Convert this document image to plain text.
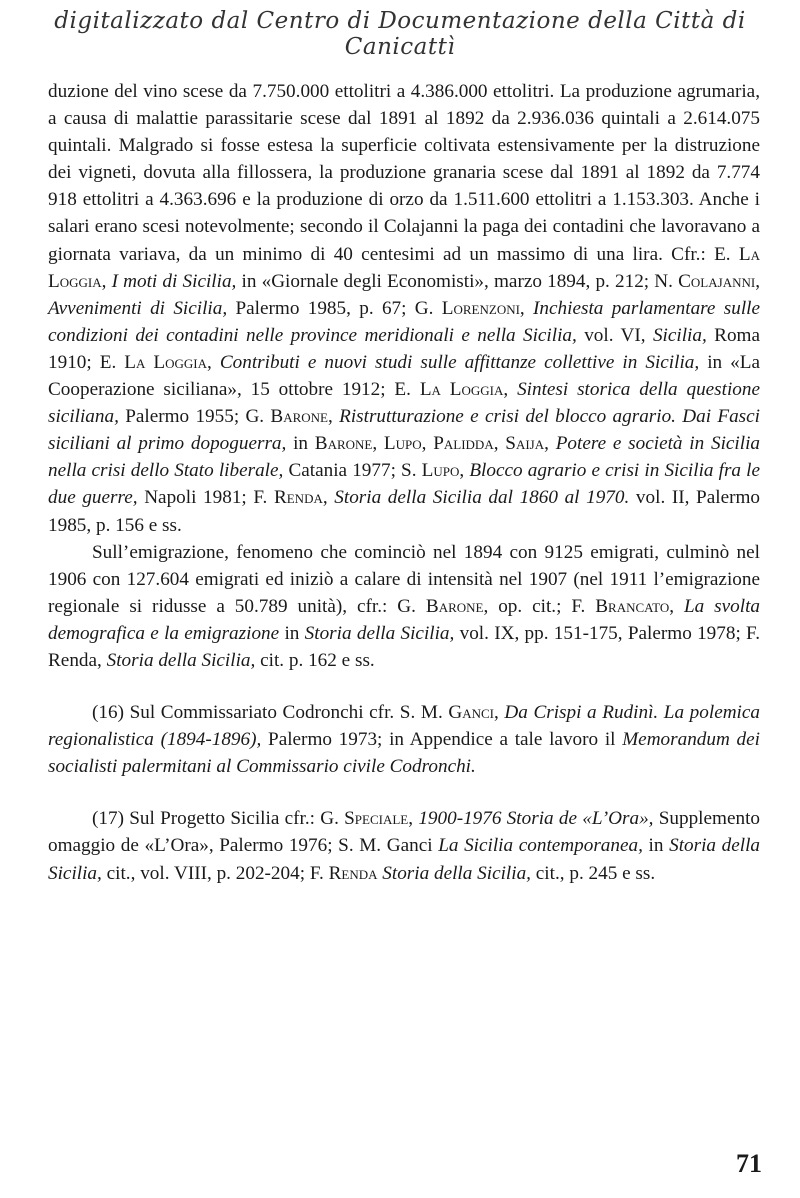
digitalizzato dal Centro di Documentazione della Città di Canicattì

duzione del vino scese da 7.750.000 ettolitri a 4.386.000 ettolitri. La produzione agrumaria, a causa di malattie parassitarie scese dal 1891 al 1892 da 2.936.036 quintali a 2.614.075 quintali. Malgrado si fosse estesa la superficie coltivata estensivamente per la distruzione dei vigneti, dovuta alla fillossera, la produzione granaria scese dal 1891 al 1892 da 7.774 918 ettolitri a 4.363.696 e la produzione di orzo da 1.511.600 ettolitri a 1.153.303. Anche i salari erano scesi notevolmente; secondo il Colajanni la paga dei contadini che lavoravano a giornata variava, da un minimo di 40 centesimi ad un massimo di una lira. Cfr.: E. La Loggia, I moti di Sicilia, in «Giornale degli Economisti», marzo 1894, p. 212; N. Colajanni, Avvenimenti di Sicilia, Palermo 1985, p. 67; G. Lorenzoni, Inchiesta parlamentare sulle condizioni dei contadini nelle province meridionali e nella Sicilia, vol. VI, Sicilia, Roma 1910; E. La Loggia, Contributi e nuovi studi sulle affittanze collettive in Sicilia, in «La Cooperazione siciliana», 15 ottobre 1912; E. La Loggia, Sintesi storica della questione siciliana, Palermo 1955; G. Barone, Ristrutturazione e crisi del blocco agrario. Dai Fasci siciliani al primo dopoguerra, in Barone, Lupo, Palidda, Saija, Potere e società in Sicilia nella crisi dello Stato liberale, Catania 1977; S. Lupo, Blocco agrario e crisi in Sicilia fra le due guerre, Napoli 1981; F. Renda, Storia della Sicilia dal 1860 al 1970. vol. II, Palermo 1985, p. 156 e ss.

Sull’emigrazione, fenomeno che cominciò nel 1894 con 9125 emigrati, culminò nel 1906 con 127.604 emigrati ed iniziò a calare di intensità nel 1907 (nel 1911 l’emigrazione regionale si ridusse a 50.789 unità), cfr.: G. Barone, op. cit.; F. Brancato, La svolta demografica e la emigrazione in Storia della Sicilia, vol. IX, pp. 151-175, Palermo 1978; F. Renda, Storia della Sicilia, cit. p. 162 e ss.

(16) Sul Commissariato Codronchi cfr. S. M. Ganci, Da Crispi a Rudinì. La polemica regionalistica (1894-1896), Palermo 1973; in Appendice a tale lavoro il Memorandum dei socialisti palermitani al Commissario civile Codronchi.

(17) Sul Progetto Sicilia cfr.: G. Speciale, 1900-1976 Storia de «L’Ora», Supplemento omaggio de «L’Ora», Palermo 1976; S. M. Ganci La Sicilia contemporanea, in Storia della Sicilia, cit., vol. VIII, p. 202-204; F. Renda Storia della Sicilia, cit., p. 245 e ss.

71
